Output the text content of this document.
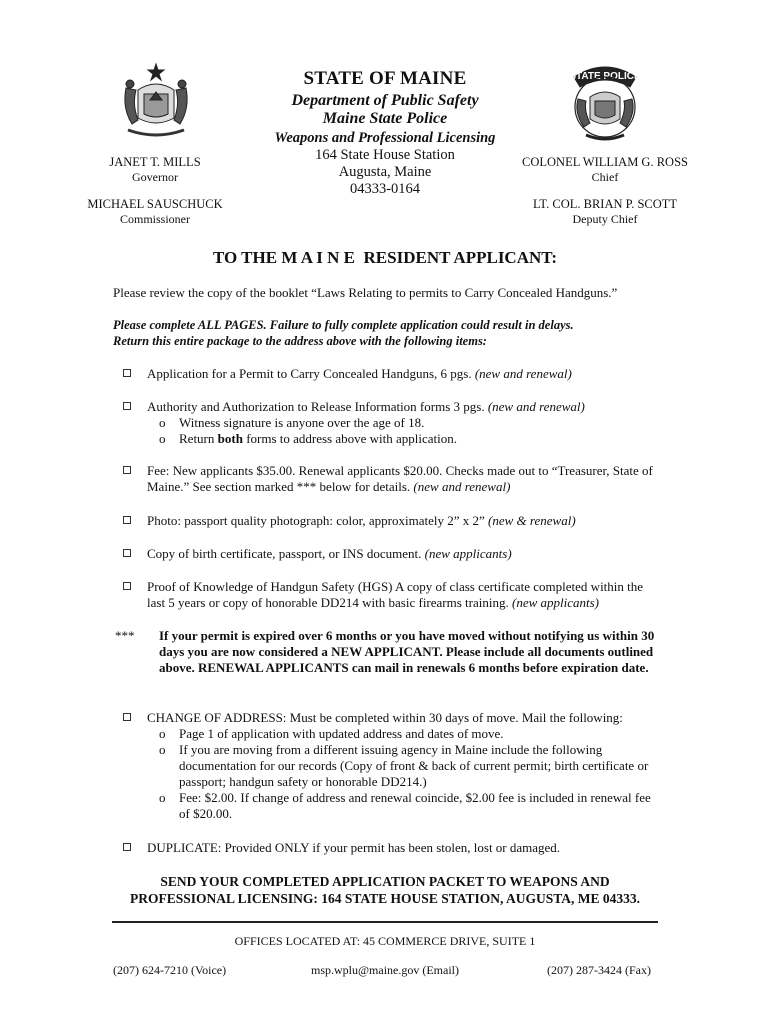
STATE POLICE
STATE OF MAINE
Department of Public Safety
Maine State Police
Weapons and Professional Licensing
164 State House Station
Augusta, Maine
04333-0164
JANET T. MILLS
Governor
MICHAEL SAUSCHUCK
Commissioner
COLONEL WILLIAM G. ROSS
Chief
LT. COL. BRIAN P. SCOTT
Deputy Chief
TO THE M A I N E  RESIDENT APPLICANT:
Please review the copy of the booklet “Laws Relating to permits to Carry Concealed Handguns.”
Please complete ALL PAGES. Failure to fully complete application could result in delays.
Return this entire package to the address above with the following items:
Application for a Permit to Carry Concealed Handguns, 6 pgs. (new and renewal)
Authority and Authorization to Release Information forms 3 pgs. (new and renewal)
o Witness signature is anyone over the age of 18.
o Return both forms to address above with application.
Fee: New applicants $35.00. Renewal applicants $20.00. Checks made out to “Treasurer, State of Maine.” See section marked *** below for details. (new and renewal)
Photo: passport quality photograph: color, approximately 2” x 2” (new & renewal)
Copy of birth certificate, passport, or INS document. (new applicants)
Proof of Knowledge of Handgun Safety (HGS) A copy of class certificate completed within the last 5 years or copy of honorable DD214 with basic firearms training. (new applicants)
*** If your permit is expired over 6 months or you have moved without notifying us within 30 days you are now considered a NEW APPLICANT. Please include all documents outlined above. RENEWAL APPLICANTS can mail in renewals 6 months before expiration date.
CHANGE OF ADDRESS: Must be completed within 30 days of move. Mail the following:
o Page 1 of application with updated address and dates of move.
o If you are moving from a different issuing agency in Maine include the following documentation for our records (Copy of front & back of current permit; birth certificate or passport; handgun safety or honorable DD214.)
o Fee: $2.00. If change of address and renewal coincide, $2.00 fee is included in renewal fee of $20.00.
DUPLICATE: Provided ONLY if your permit has been stolen, lost or damaged.
SEND YOUR COMPLETED APPLICATION PACKET TO WEAPONS AND
PROFESSIONAL LICENSING: 164 STATE HOUSE STATION, AUGUSTA, ME 04333.
OFFICES LOCATED AT: 45 COMMERCE DRIVE, SUITE 1
(207) 624-7210 (Voice)	msp.wplu@maine.gov (Email)	(207) 287-3424 (Fax)
